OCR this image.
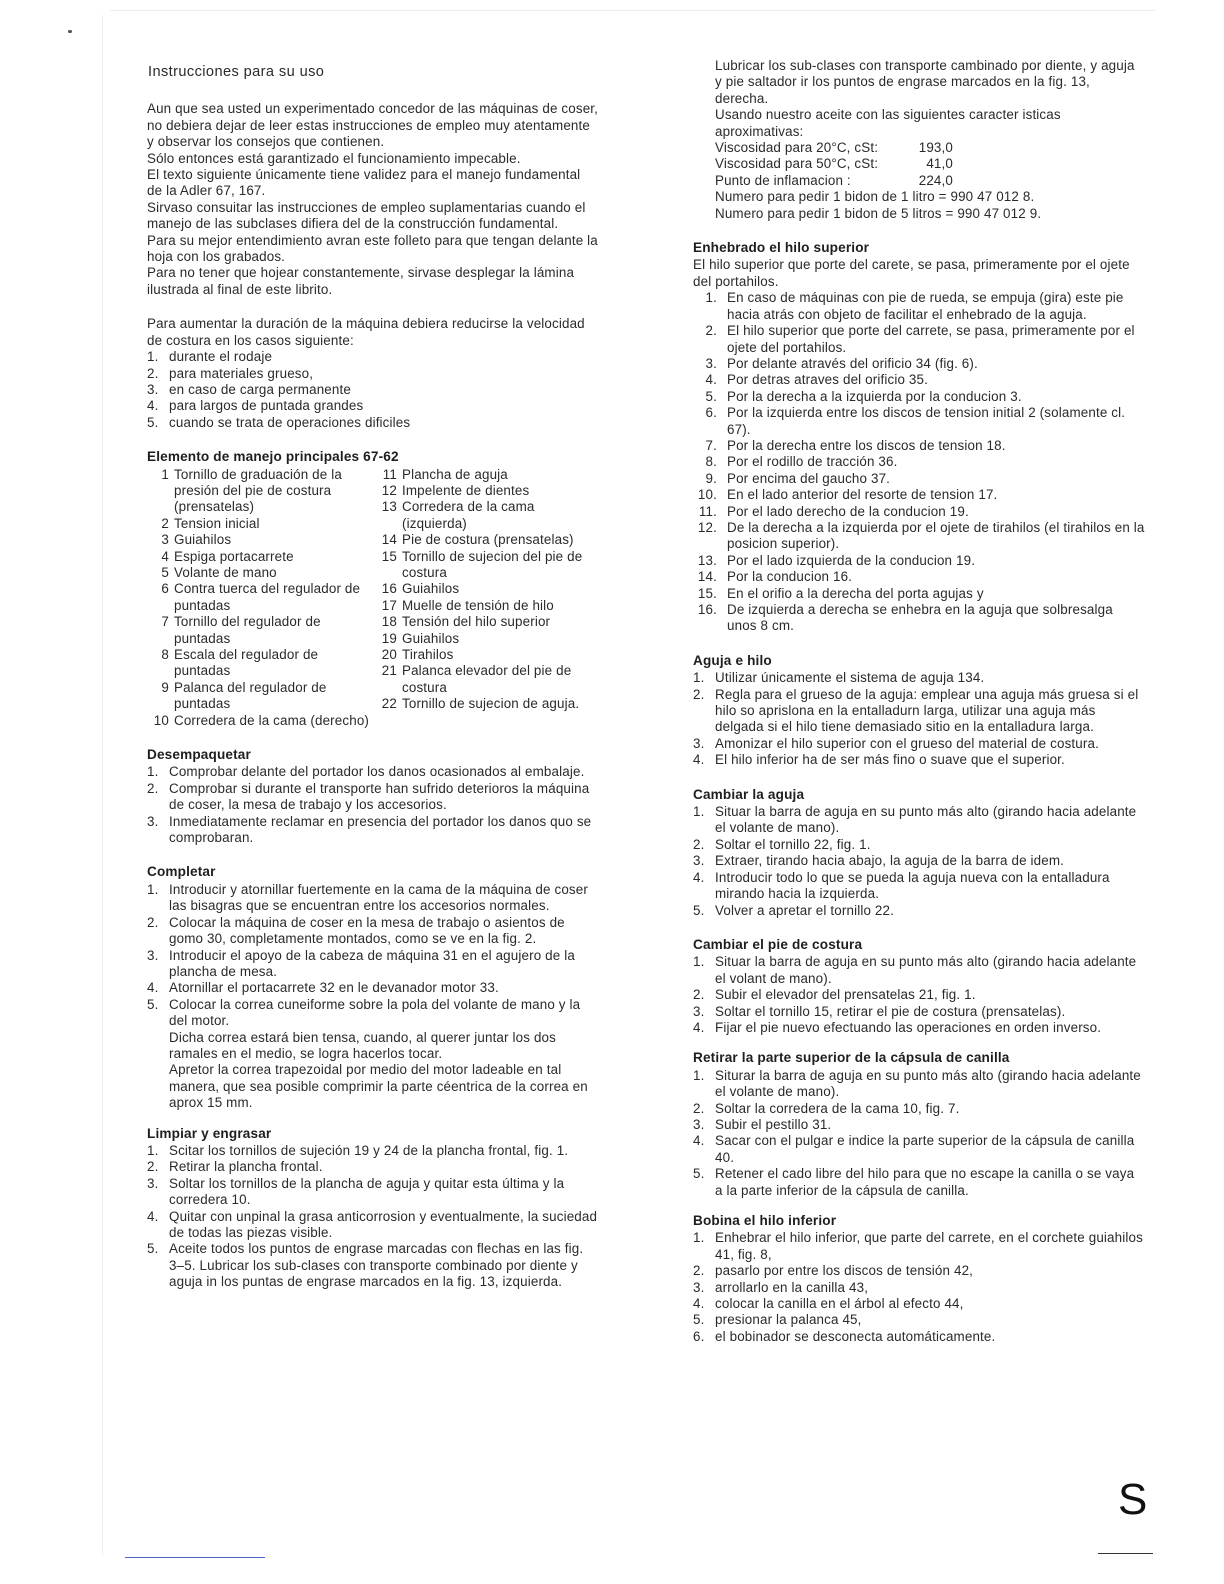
Instrucciones para su uso

Aun que sea usted un experimentado concedor de las máquinas de coser, no debiera dejar de leer estas instrucciones de empleo muy atentamente y observar los consejos que contienen.

Sólo entonces está garantizado el funcionamiento impecable.

El texto siguiente únicamente tiene validez para el manejo fundamental de la Adler 67, 167.

Sirvaso consuitar las instrucciones de empleo suplamentarias cuando el manejo de las subclases difiera del de la construcción fundamental.

Para su mejor entendimiento avran este folleto para que tengan delante la hoja con los grabados.

Para no tener que hojear constantemente, sirvase desplegar la lámina ilustrada al final de este librito.

Para aumentar la duración de la máquina debiera reducirse la velocidad de costura en los casos siguiente:

1. durante el rodaje
2. para materiales grueso,
3. en caso de carga permanente
4. para largos de puntada grandes
5. cuando se trata de operaciones dificiles
Elemento de manejo principales 67-62
1 Tornillo de graduación de la presión del pie de costura (prensatelas)
2 Tension inicial
3 Guiahilos
4 Espiga portacarrete
5 Volante de mano
6 Contra tuerca del regulador de puntadas
7 Tornillo del regulador de puntadas
8 Escala del regulador de puntadas
9 Palanca del regulador de puntadas
10 Corredera de la cama (derecho)
11 Plancha de aguja
12 Impelente de dientes
13 Corredera de la cama (izquierda)
14 Pie de costura (prensatelas)
15 Tornillo de sujecion del pie de costura
16 Guiahilos
17 Muelle de tensión de hilo
18 Tensión del hilo superior
19 Guiahilos
20 Tirahilos
21 Palanca elevador del pie de costura
22 Tornillo de sujecion de aguja.
Desempaquetar
1. Comprobar delante del portador los danos ocasionados al embalaje.
2. Comprobar si durante el transporte han sufrido deterioros la máquina de coser, la mesa de trabajo y los accesorios.
3. Inmediatamente reclamar en presencia del portador los danos quo se comprobaran.
Completar
1. Introducir y atornillar fuertemente en la cama de la máquina de coser las bisagras que se encuentran entre los accesorios normales.
2. Colocar la máquina de coser en la mesa de trabajo o asientos de gomo 30, completamente montados, como se ve en la fig. 2.
3. Introducir el apoyo de la cabeza de máquina 31 en el agujero de la plancha de mesa.
4. Atornillar el portacarrete 32 en le devanador motor 33.
5. Colocar la correa cuneiforme sobre la pola del volante de mano y la del motor.

Dicha correa estará bien tensa, cuando, al querer juntar los dos ramales en el medio, se logra hacerlos tocar.

Apretor la correa trapezoidal por medio del motor ladeable en tal manera, que sea posible comprimir la parte céentrica de la correa en aprox 15 mm.

Limpiar y engrasar
1. Scitar los tornillos de sujeción 19 y 24 de la plancha frontal, fig. 1.
2. Retirar la plancha frontal.
3. Soltar los tornillos de la plancha de aguja y quitar esta última y la corredera 10.
4. Quitar con unpinal la grasa anticorrosion y eventualmente, la suciedad de todas las piezas visible.
5. Aceite todos los puntos de engrase marcadas con flechas en las fig. 3–5. Lubricar los sub-clases con transporte combinado por diente y aguja in los puntas de engrase marcados en la fig. 13, izquierda.

Lubricar los sub-clases con transporte cambinado por diente, y aguja y pie saltador ir los puntos de engrase marcados en la fig. 13, derecha.

Usando nuestro aceite con las siguientes caracter isticas aproximativas:

Viscosidad para 20°C, cSt:	193,0
Viscosidad para 50°C, cSt:	41,0
Punto de inflamacion :	224,0

Numero para pedir 1 bidon de 1 litro = 990 47 012 8.

Numero para pedir 1 bidon de 5 litros = 990 47 012 9.

Enhebrado el hilo superior

El hilo superior que porte del carete, se pasa, primeramente por el ojete del portahilos.

1. En caso de máquinas con pie de rueda, se empuja (gira) este pie hacia atrás con objeto de facilitar el enhebrado de la aguja.
2. El hilo superior que porte del carrete, se pasa, primeramente por el ojete del portahilos.
3. Por delante através del orificio 34 (fig. 6).
4. Por detras atraves del orificio 35.
5. Por la derecha a la izquierda por la conducion 3.
6. Por la izquierda entre los discos de tension initial 2 (solamente cl. 67).
7. Por la derecha entre los discos de tension 18.
8. Por el rodillo de tracción 36.
9. Por encima del gaucho 37.
10. En el lado anterior del resorte de tension 17.
11. Por el lado derecho de la conducion 19.
12. De la derecha a la izquierda por el ojete de tirahilos (el tirahilos en la posicion superior).
13. Por el lado izquierda de la conducion 19.
14. Por la conducion 16.
15. En el orifio a la derecha del porta agujas y
16. De izquierda a derecha se enhebra en la aguja que solbresalga unos 8 cm.
Aguja e hilo
1. Utilizar únicamente el sistema de aguja 134.
2. Regla para el grueso de la aguja: emplear una aguja más gruesa si el hilo so aprislona en la entalladurn larga, utilizar una aguja más delgada si el hilo tiene demasiado sitio en la entalladura larga.
3. Amonizar el hilo superior con el grueso del material de costura.
4. El hilo inferior ha de ser más fino o suave que el superior.
Cambiar la aguja
1. Situar la barra de aguja en su punto más alto (girando hacia adelante el volante de mano).
2. Soltar el tornillo 22, fig. 1.
3. Extraer, tirando hacia abajo, la aguja de la barra de idem.
4. Introducir todo lo que se pueda la aguja nueva con la entalladura mirando hacia la izquierda.
5. Volver a apretar el tornillo 22.
Cambiar el pie de costura
1. Situar la barra de aguja en su punto más alto (girando hacia adelante el volant de mano).
2. Subir el elevador del prensatelas 21, fig. 1.
3. Soltar el tornillo 15, retirar el pie de costura (prensatelas).
4. Fijar el pie nuevo efectuando las operaciones en orden inverso.
Retirar la parte superior de la cápsula de canilla
1. Siturar la barra de aguja en su punto más alto (girando hacia adelante el volante de mano).
2. Soltar la corredera de la cama 10, fig. 7.
3. Subir el pestillo 31.
4. Sacar con el pulgar e indice la parte superior de la cápsula de canilla 40.
5. Retener el cado libre del hilo para que no escape la canilla o se vaya a la parte inferior de la cápsula de canilla.
Bobina el hilo inferior
1. Enhebrar el hilo inferior, que parte del carrete, en el corchete guiahilos 41, fig. 8,
2. pasarlo por entre los discos de tensión 42,
3. arrollarlo en la canilla 43,
4. colocar la canilla en el árbol al efecto 44,
5. presionar la palanca 45,
6. el bobinador se desconecta automáticamente.
S
